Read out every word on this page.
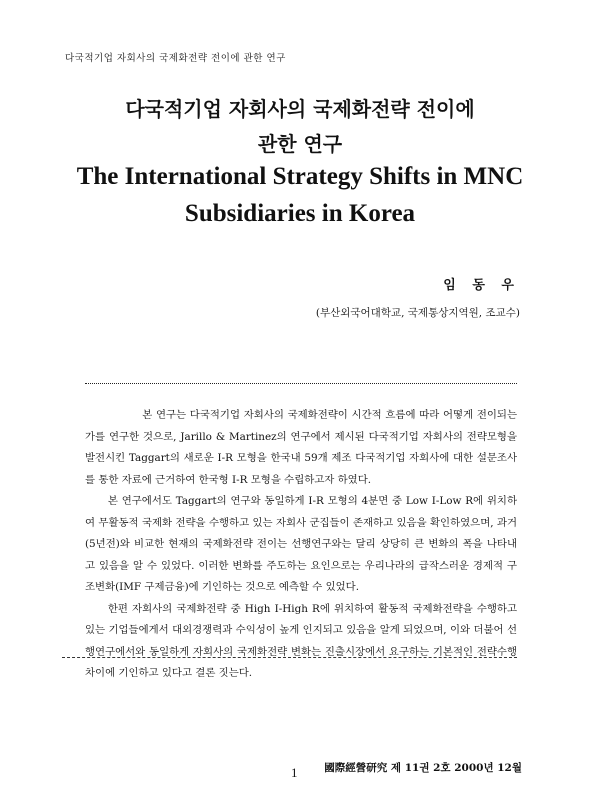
다국적기업 자회사의 국제화전략 전이에 관한 연구
다국적기업 자회사의 국제화전략 전이에
관한 연구
The International Strategy Shifts in MNC
Subsidiaries in Korea
임 동 우
(부산외국어대학교, 국제통상지역원, 조교수)

본 연구는 다국적기업 자회사의 국제화전략이 시간적 흐름에 따라 어떻게 전이되는가를 연구한 것으로, Jarillo & Martinez의 연구에서 제시된 다국적기업 자회사의 전략모형을 발전시킨 Taggart의 새로운 I-R 모형을 한국내 59개 제조 다국적기업 자회사에 대한 설문조사를 통한 자료에 근거하여 한국형 I-R 모형을 수립하고자 하였다.

본 연구에서도 Taggart의 연구와 동일하게 I-R 모형의 4분면 중 Low I-Low R에 위치하여 무활동적 국제화 전략을 수행하고 있는 자회사 군집들이 존재하고 있음을 확인하였으며, 과거(5년전)와 비교한 현재의 국제화전략 전이는 선행연구와는 달리 상당히 큰 변화의 폭을 나타내고 있음을 알 수 있었다. 이러한 변화를 주도하는 요인으로는 우리나라의 급작스러운 경제적 구조변화(IMF 구제금융)에 기인하는 것으로 예측할 수 있었다.

한편 자회사의 국제화전략 중 High I-High R에 위치하여 활동적 국제화전략을 수행하고 있는 기업들에게서 대외경쟁력과 수익성이 높게 인지되고 있음을 알게 되었으며, 이와 더불어 선행연구에서와 동일하게 자회사의 국제화전략 변화는 진출시장에서 요구하는 기본적인 전략수행 차이에 기인하고 있다고 결론 짓는다.

1	國際經營研究 제 11권 2호 2000년 12월
